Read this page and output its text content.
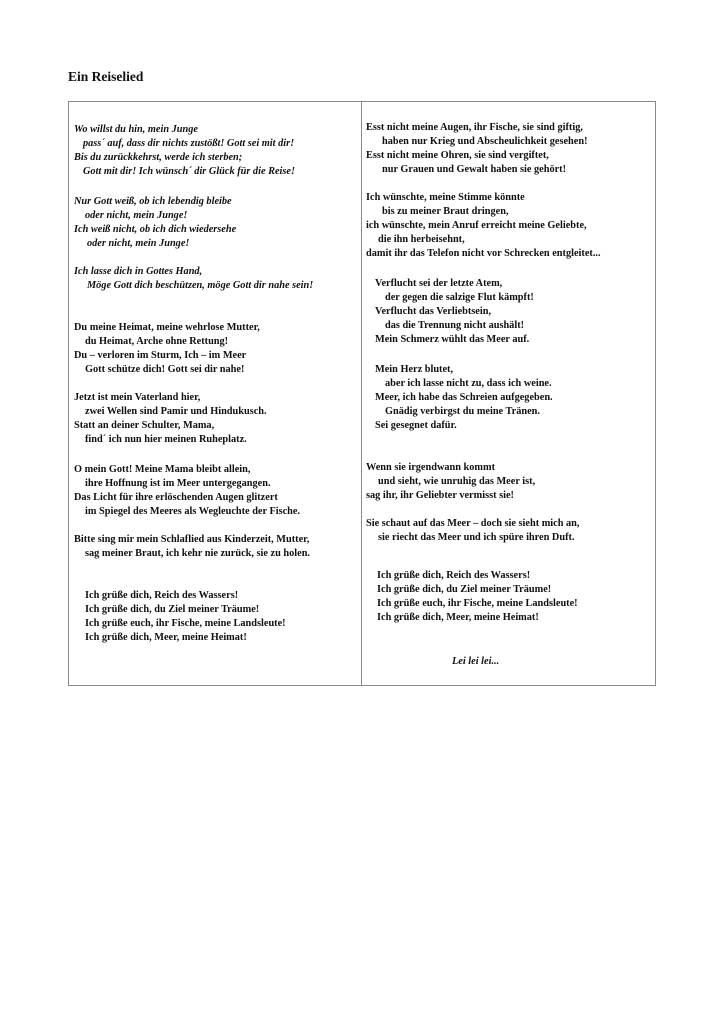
Ein Reiselied
Wo willst du hin, mein Junge
pass´ auf, dass dir nichts zustößt! Gott sei mit dir!
Bis du zurückkehrst, werde ich sterben;
Gott mit dir! Ich wünsch´ dir Glück für die Reise!
Nur Gott weiß, ob ich lebendig bleibe
oder nicht, mein Junge!
Ich weiß nicht, ob ich dich wiedersehe
oder nicht, mein Junge!
Ich lasse dich in Gottes Hand,
Möge Gott dich beschützen, möge Gott dir nahe sein!
Du meine Heimat, meine wehrlose Mutter,
du Heimat, Arche ohne Rettung!
Du – verloren im Sturm, Ich – im Meer
Gott schütze dich! Gott sei dir nahe!
Jetzt ist mein Vaterland hier,
zwei Wellen sind Pamir und Hindukusch.
Statt an deiner Schulter, Mama,
find´ ich nun hier meinen Ruheplatz.
O mein Gott! Meine Mama bleibt allein,
ihre Hoffnung ist im Meer untergegangen.
Das Licht für ihre erlöschenden Augen glitzert
im Spiegel des Meeres als Wegleuchte der Fische.
Bitte sing mir mein Schlaflied aus Kinderzeit, Mutter,
sag meiner Braut, ich kehr nie zurück, sie zu holen.
Ich grüße dich, Reich des Wassers!
Ich grüße dich, du Ziel meiner Träume!
Ich grüße euch, ihr Fische, meine Landsleute!
Ich grüße dich, Meer, meine Heimat!
Esst nicht meine Augen, ihr Fische, sie sind giftig,
haben nur Krieg und Abscheulichkeit gesehen!
Esst nicht meine Ohren, sie sind vergiftet,
nur Grauen und Gewalt haben sie gehört!
Ich wünschte, meine Stimme könnte
bis zu meiner Braut dringen,
ich wünschte, mein Anruf erreicht meine Geliebte,
die ihn herbeisehnt,
damit ihr das Telefon nicht vor Schrecken entgleitet...
Verflucht sei der letzte Atem,
der gegen die salzige Flut kämpft!
Verflucht das Verliebtsein,
das die Trennung nicht aushält!
Mein Schmerz wühlt das Meer auf.
Mein Herz blutet,
aber ich lasse nicht zu, dass ich weine.
Meer, ich habe das Schreien aufgegeben.
Gnädig verbirgst du meine Tränen.
Sei gesegnet dafür.
Wenn sie irgendwann kommt
und sieht, wie unruhig das Meer ist,
sag ihr, ihr Geliebter vermisst sie!
Sie schaut auf das Meer – doch sie sieht mich an,
sie riecht das Meer und ich spüre ihren Duft.
Ich grüße dich, Reich des Wassers!
Ich grüße dich, du Ziel meiner Träume!
Ich grüße euch, ihr Fische, meine Landsleute!
Ich grüße dich, Meer, meine Heimat!
Lei lei lei...
